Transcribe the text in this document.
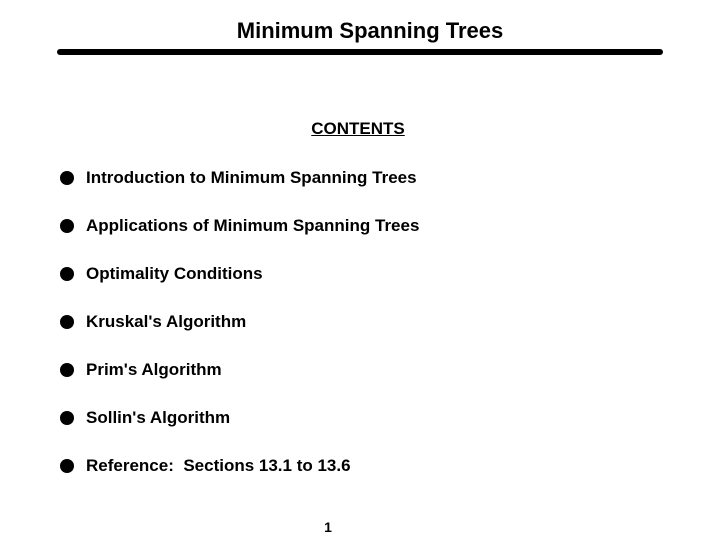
Minimum Spanning Trees
CONTENTS
Introduction to Minimum Spanning Trees
Applications of Minimum Spanning Trees
Optimality Conditions
Kruskal's Algorithm
Prim's Algorithm
Sollin's Algorithm
Reference:  Sections 13.1 to 13.6
1
